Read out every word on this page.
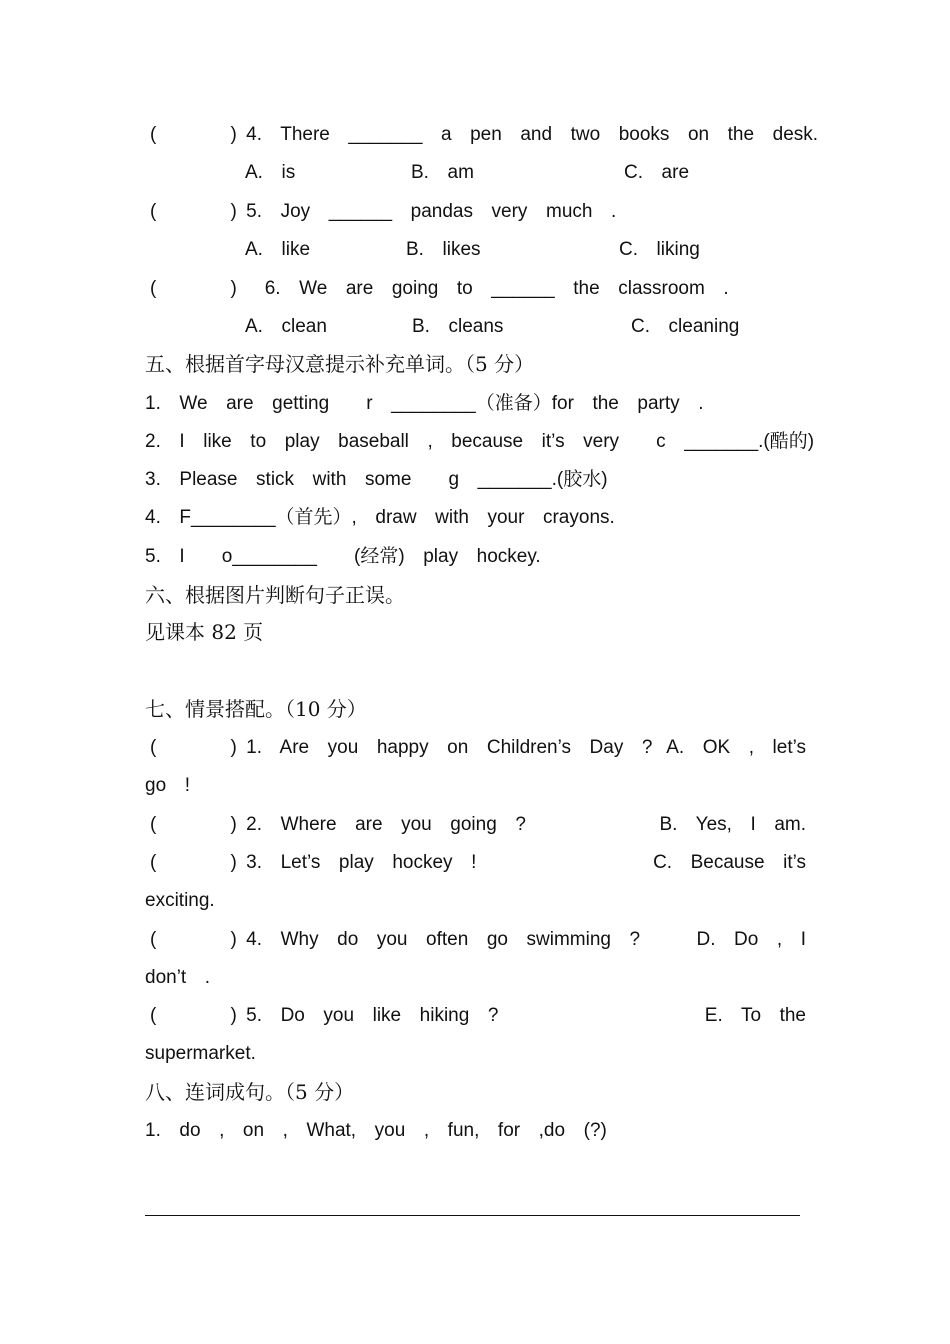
(        ) 4.  There  _______  a  pen  and  two  books  on  the  desk.
A.  is	B.  am	C.  are
(        ) 5.  Joy  ______  pandas  very  much  .
A.  like	B.  likes	C.  liking
(        )   6.  We  are  going  to  ______  the  classroom  .
A.  clean	B.  cleans	C.  cleaning
五、根据首字母汉意提示补充单词。（5 分）
1.  We  are  getting    r  ________（准备）for  the  party  .
2.  I  like  to  play  baseball  ,  because  it’s  very    c  _______.(酷的)
3.  Please  stick  with  some    g  _______.(胶水)
4.  F________（首先）,  draw  with  your  crayons.
5.  I    o________    (经常)  play  hockey.
六、根据图片判断句子正误。
见课本 82 页
七、情景搭配。（10 分）
(        ) 1.  Are  you  happy  on  Children’s  Day  ? A.  OK  ,  let’s
go  !
(        ) 2.  Where  are  you  going  ?	B.  Yes,  I  am.
(        ) 3.  Let’s  play  hockey  !	C.  Because  it’s
exciting.
(        ) 4.  Why  do  you  often  go  swimming  ?	D.  Do  ,  I
don’t  .
(        ) 5.  Do  you  like  hiking  ?	E.  To  the
supermarket.
八、连词成句。（5 分）
1.  do  ,  on  ,  What,  you  ,  fun,  for  ,do  (?)
